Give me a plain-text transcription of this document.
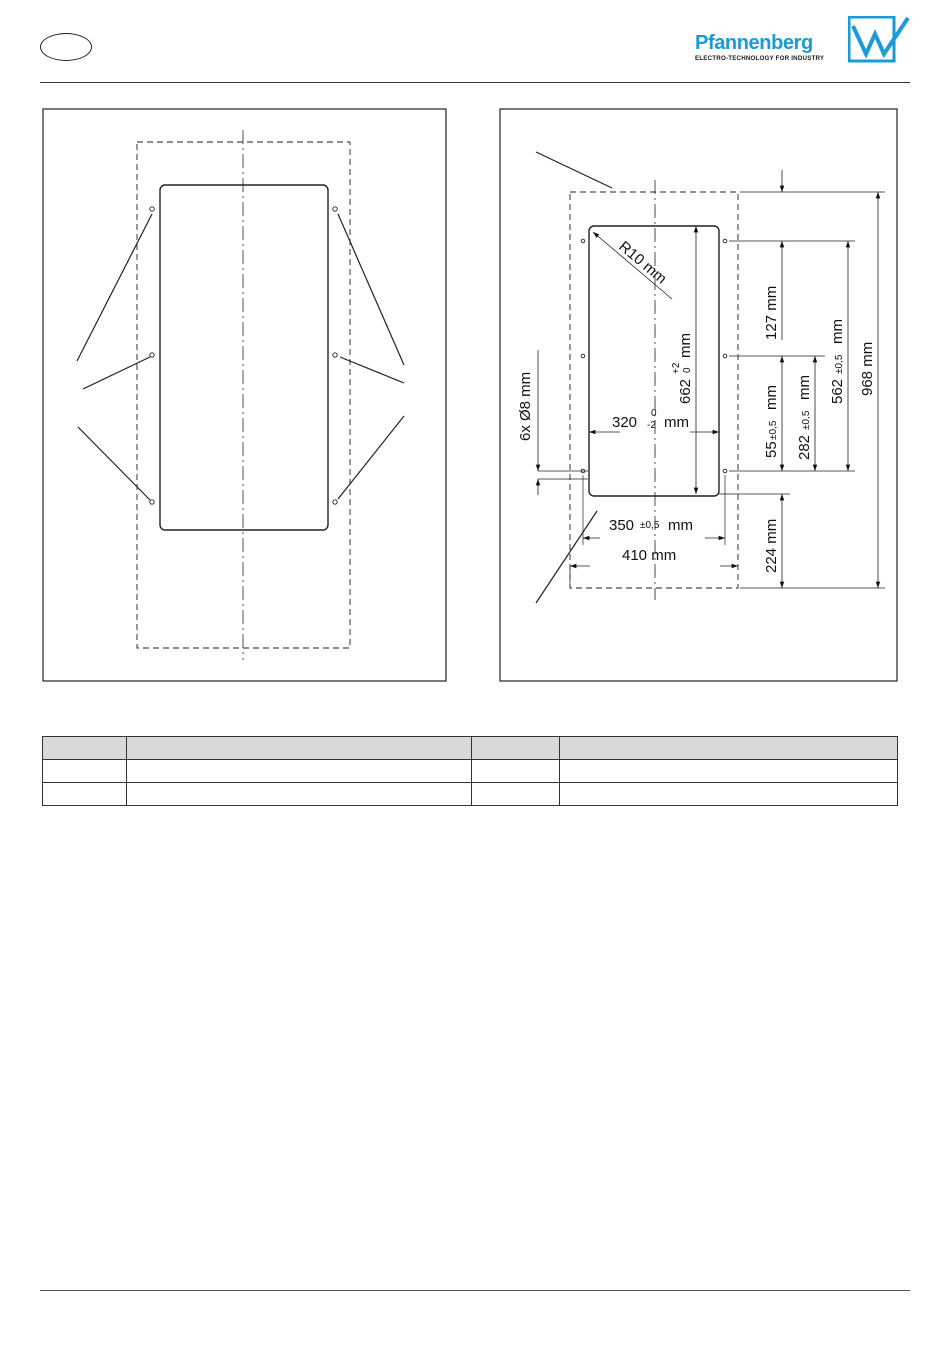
Pfannenberg
ELECTRO-TECHNOLOGY FOR INDUSTRY
R10 mm
662
+2 0
mm
320
0
-2 mm
6x Ø8 mm
127 mm
562
±0,5
mm
968 mm
282
±0,5
mm
55
±0,5
mm
224 mm
350 ±0,5 mm
410 mm
